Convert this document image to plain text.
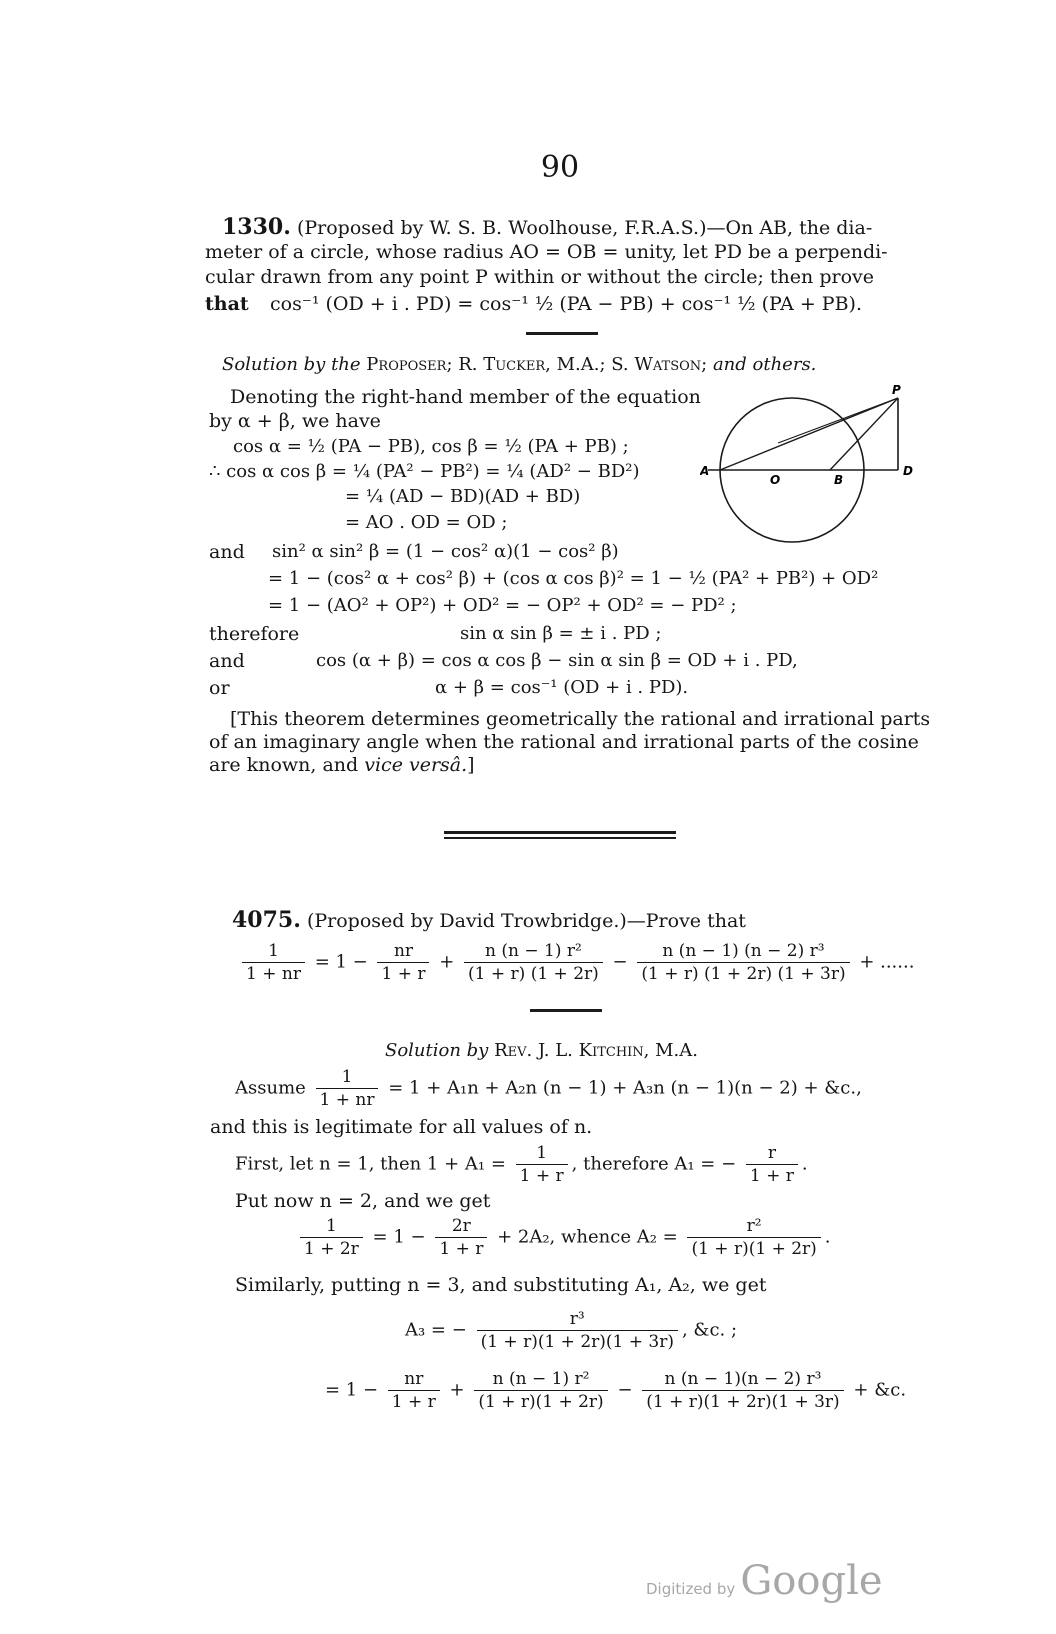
90
1330. (Proposed by W. S. B. Woolhouse, F.R.A.S.)—On AB, the dia-
meter of a circle, whose radius AO = OB = unity, let PD be a perpendi-
cular drawn from any point P within or without the circle; then prove
that cos⁻¹ (OD + i . PD) = cos⁻¹ ½ (PA − PB) + cos⁻¹ ½ (PA + PB).
Solution by the Proposer; R. Tucker, M.A.; S. Watson; and others.
Denoting the right-hand member of the equation
by α + β, we have
cos α = ½ (PA − PB), cos β = ½ (PA + PB) ;
∴ cos α cos β = ¼ (PA² − PB²) = ¼ (AD² − BD²)
= ¼ (AD − BD)(AD + BD)
= AO . OD = OD ;
and sin² α sin² β = (1 − cos² α)(1 − cos² β)
= 1 − (cos² α + cos² β) + (cos α cos β)² = 1 − ½ (PA² + PB²) + OD²
= 1 − (AO² + OP²) + OD² = − OP² + OD² = − PD² ;
therefore	sin α sin β = ± i . PD ;
and	cos (α + β) = cos α cos β − sin α sin β = OD + i . PD,
or	α + β = cos⁻¹ (OD + i . PD).
[This theorem determines geometrically the rational and irrational parts
of an imaginary angle when the rational and irrational parts of the cosine
are known, and vice versâ.]
P
A
O	B
D
4075. (Proposed by David Trowbridge.)—Prove that
$\frac{1}{1 + nr} = 1 - \frac{nr}{1 + r} + \frac{\text{n (n − 1) r²}}{(1 + r) (1 + 2r)} - \frac{\text{n (n − 1) (n − 2) r³}}{(1 + r) (1 + 2r) (1 + 3r)}$ + ......
Solution by Rev. J. L. Kitchin, M.A.
Assume $\frac{1}{1 + nr} = 1 + A_1n + A_2n$ (n − 1) + A₃n (n − 1)(n − 2) + &c.,
and this is legitimate for all values of n.
First, let n = 1, then $1 + A_1 = \frac{1}{1 + r}$ , therefore A₁ = − $\frac{r}{1 + r}$ .
Put now n = 2, and we get
$\frac{1}{1 + 2r} = 1 - \frac{2r}{1 + r} + 2A_2$, whence $A_2 = \frac{\text{r²}}{(1 + r)(1 + 2r)}$ .
Similarly, putting n = 3, and substituting A₁, A₂, we get
A₃ = − $\frac{\text{r³}}{(1 + r)(1 + 2r)(1 + 3r)}$ , &c. ;
= $1 - \frac{nr}{1 + r} + \frac{\text{n (n − 1) r²}}{(1 + r)(1 + 2r)} - \frac{\text{n (n − 1)(n − 2) r³}}{(1 + r)(1 + 2r)(1 + 3r)}$ + &c.
Digitized by Google
